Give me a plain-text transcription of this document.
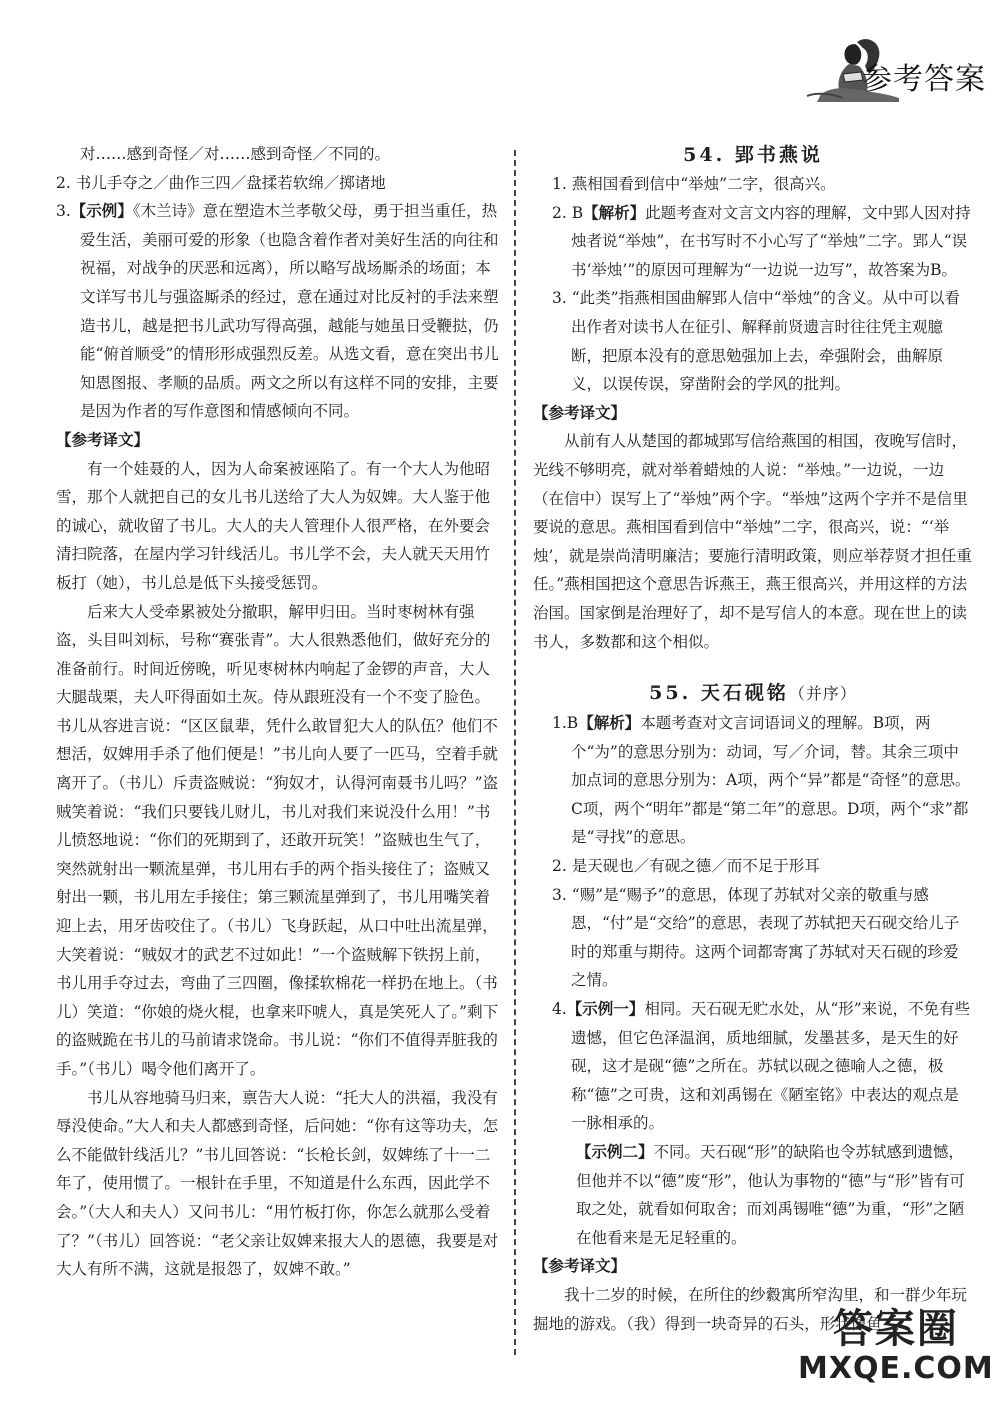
参考答案

对……感到奇怪／对……感到奇怪／不同的。

2. 书儿手夺之／曲作三四／盘揉若软绵／掷诸地

3.【示例】《木兰诗》意在塑造木兰孝敬父母，勇于担当重任，热爱生活，美丽可爱的形象（也隐含着作者对美好生活的向往和祝福，对战争的厌恶和远离），所以略写战场厮杀的场面；本文详写书儿与强盗厮杀的经过，意在通过对比反衬的手法来塑造书儿，越是把书儿武功写得高强，越能与她虽日受鞭挞，仍能“俯首顺受”的情形形成强烈反差。从选文看，意在突出书儿知恩图报、孝顺的品质。两文之所以有这样不同的安排，主要是因为作者的写作意图和情感倾向不同。

【参考译文】

有一个娃聂的人，因为人命案被诬陷了。有一个大人为他昭雪，那个人就把自己的女儿书儿送给了大人为奴婢。大人鉴于他的诚心，就收留了书儿。大人的夫人管理仆人很严格，在外要会清扫院落，在屋内学习针线活儿。书儿学不会，夫人就天天用竹板打（她），书儿总是低下头接受惩罚。

后来大人受牵累被处分撤职，解甲归田。当时枣树林有强盗，头目叫刘标，号称“赛张青”。大人很熟悉他们，做好充分的准备前行。时间近傍晚，听见枣树林内响起了金锣的声音，大人大腿哉栗，夫人吓得面如土灰。侍从跟班没有一个不变了脸色。书儿从容进言说：“区区鼠辈，凭什么敢冒犯大人的队伍？他们不想活，奴婢用手杀了他们便是！”书儿向人要了一匹马，空着手就离开了。（书儿）斥责盗贼说：“狗奴才，认得河南聂书儿吗？”盗贼笑着说：“我们只要钱儿财儿，书儿对我们来说没什么用！”书儿愤怒地说：“你们的死期到了，还敢开玩笑！”盗贼也生气了，突然就射出一颗流星弹，书儿用右手的两个指头接住了；盗贼又射出一颗，书儿用左手接住；第三颗流星弹到了，书儿用嘴笑着迎上去，用牙齿咬住了。（书儿）飞身跃起，从口中吐出流星弹，大笑着说：“贼奴才的武艺不过如此！”一个盗贼解下铁拐上前，书儿用手夺过去，弯曲了三四圈，像揉软棉花一样扔在地上。（书儿）笑道：“你娘的烧火棍，也拿来吓唬人，真是笑死人了。”剩下的盗贼跪在书儿的马前请求饶命。书儿说：“你们不值得弄脏我的手。”（书儿）喝令他们离开了。

书儿从容地骑马归来，禀告大人说：“托大人的洪福，我没有辱没使命。”大人和夫人都感到奇怪，后问她：“你有这等功夫，怎么不能做针线活儿？”书儿回答说：“长枪长剑，奴婢练了十一二年了，使用惯了。一根针在手里，不知道是什么东西，因此学不会。”（大人和夫人）又问书儿：“用竹板打你，你怎么就那么受着了？”（书儿）回答说：“老父亲让奴婢来报大人的恩德，我要是对大人有所不满，这就是报怨了，奴婢不敢。”

54. 郢书燕说

1. 燕相国看到信中“举烛”二字，很高兴。

2. B【解析】此题考查对文言文内容的理解，文中郢人因对持烛者说“举烛”，在书写时不小心写了“举烛”二字。郢人“误书‘举烛’”的原因可理解为“一边说一边写”，故答案为B。

3. “此类”指燕相国曲解郢人信中“举烛”的含义。从中可以看出作者对读书人在征引、解释前贤遗言时往往凭主观臆断，把原本没有的意思勉强加上去，牵强附会，曲解原义，以误传误，穿凿附会的学风的批判。

【参考译文】

从前有人从楚国的都城郢写信给燕国的相国，夜晚写信时，光线不够明亮，就对举着蜡烛的人说：“举烛。”一边说，一边（在信中）误写上了“举烛”两个字。“举烛”这两个字并不是信里要说的意思。燕相国看到信中“举烛”二字，很高兴，说：“‘举烛’，就是崇尚清明廉洁；要施行清明政策，则应举荐贤才担任重任。”燕相国把这个意思告诉燕王，燕王很高兴，并用这样的方法治国。国家倒是治理好了，却不是写信人的本意。现在世上的读书人，多数都和这个相似。

55. 天石砚铭（并序）

1.B【解析】本题考查对文言词语词义的理解。B项，两个“为”的意思分别为：动词，写／介词，替。其余三项中加点词的意思分别为：A项，两个“异”都是“奇怪”的意思。C项，两个“明年”都是“第二年”的意思。D项，两个“求”都是“寻找”的意思。

2. 是天砚也／有砚之德／而不足于形耳

3. “赐”是“赐予”的意思，体现了苏轼对父亲的敬重与感恩，“付”是“交给”的意思，表现了苏轼把天石砚交给儿子时的郑重与期待。这两个词都寄寓了苏轼对天石砚的珍爱之情。

4.【示例一】相同。天石砚无贮水处，从“形”来说，不免有些遗憾，但它色泽温润，质地细腻，发墨甚多，是天生的好砚，这才是砚“德”之所在。苏轼以砚之德喻人之德，极称“德”之可贵，这和刘禹锡在《陋室铭》中表达的观点是一脉相承的。

【示例二】不同。天石砚“形”的缺陷也令苏轼感到遗憾，但他并不以“德”废“形”，他认为事物的“德”与“形”皆有可取之处，就看如何取舍；而刘禹锡唯“德”为重，“形”之陋在他看来是无足轻重的。

【参考译文】

我十二岁的时候，在所住的纱縠寓所窄沟里，和一群少年玩掘地的游戏。（我）得到一块奇异的石头，形状像鱼

答案圈
MXQE.COM
